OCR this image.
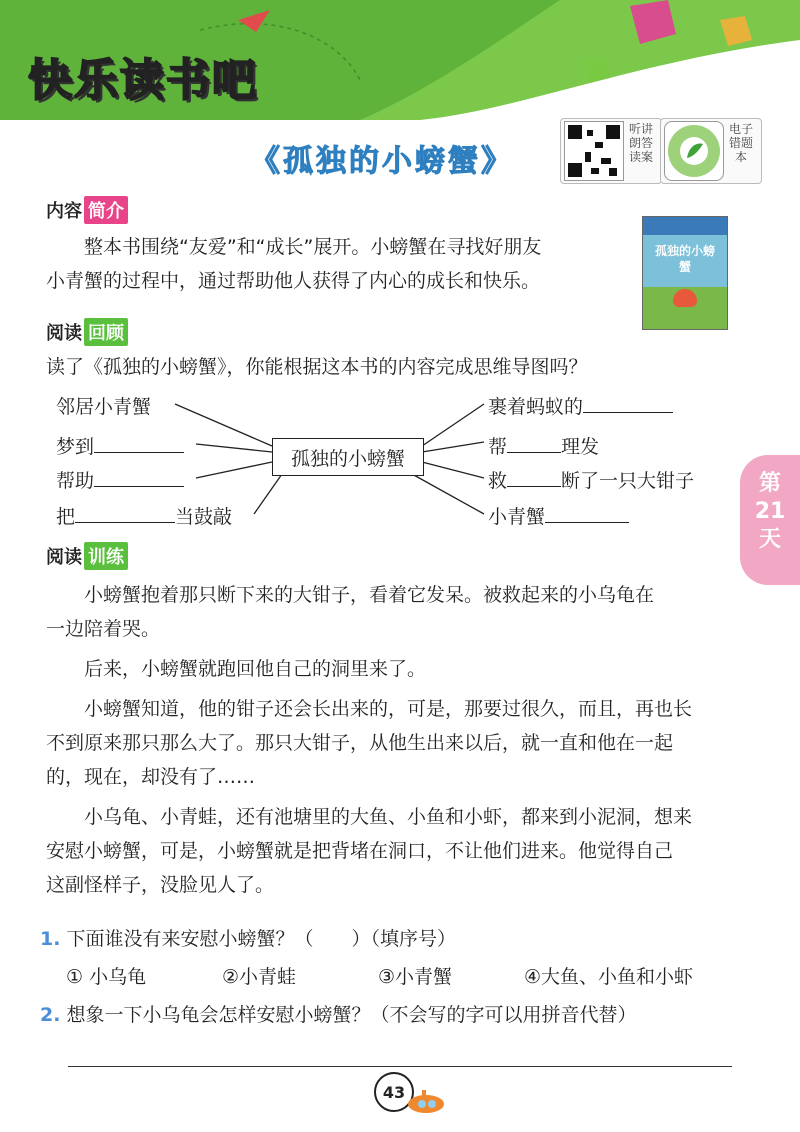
快乐读书吧
《孤独的小螃蟹》
听讲朗答读案
电子错题本
内容 简介
整本书围绕“友爱”和“成长”展开。小螃蟹在寻找好朋友
小青蟹的过程中，通过帮助他人获得了内心的成长和快乐。
孤独的小螃蟹
阅读 回顾
读了《孤独的小螃蟹》，你能根据这本书的内容完成思维导图吗？
邻居小青蟹
梦到
帮助
把	当鼓敲
孤独的小螃蟹
裹着蚂蚁的
帮	理发
救	断了一只大钳子
小青蟹
第21天
阅读 训练
小螃蟹抱着那只断下来的大钳子，看着它发呆。被救起来的小乌龟在
一边陪着哭。
后来，小螃蟹就跑回他自己的洞里来了。
小螃蟹知道，他的钳子还会长出来的，可是，那要过很久，而且，再也长
不到原来那只那么大了。那只大钳子，从他生出来以后，就一直和他在一起
的，现在，却没有了……
小乌龟、小青蛙，还有池塘里的大鱼、小鱼和小虾，都来到小泥洞，想来
安慰小螃蟹，可是，小螃蟹就是把背堵在洞口，不让他们进来。他觉得自己
这副怪样子，没脸见人了。
1. 下面谁没有来安慰小螃蟹？（　　）（填序号）
① 小乌龟	②小青蛙	③小青蟹	④大鱼、小鱼和小虾
2. 想象一下小乌龟会怎样安慰小螃蟹？（不会写的字可以用拼音代替）
43
